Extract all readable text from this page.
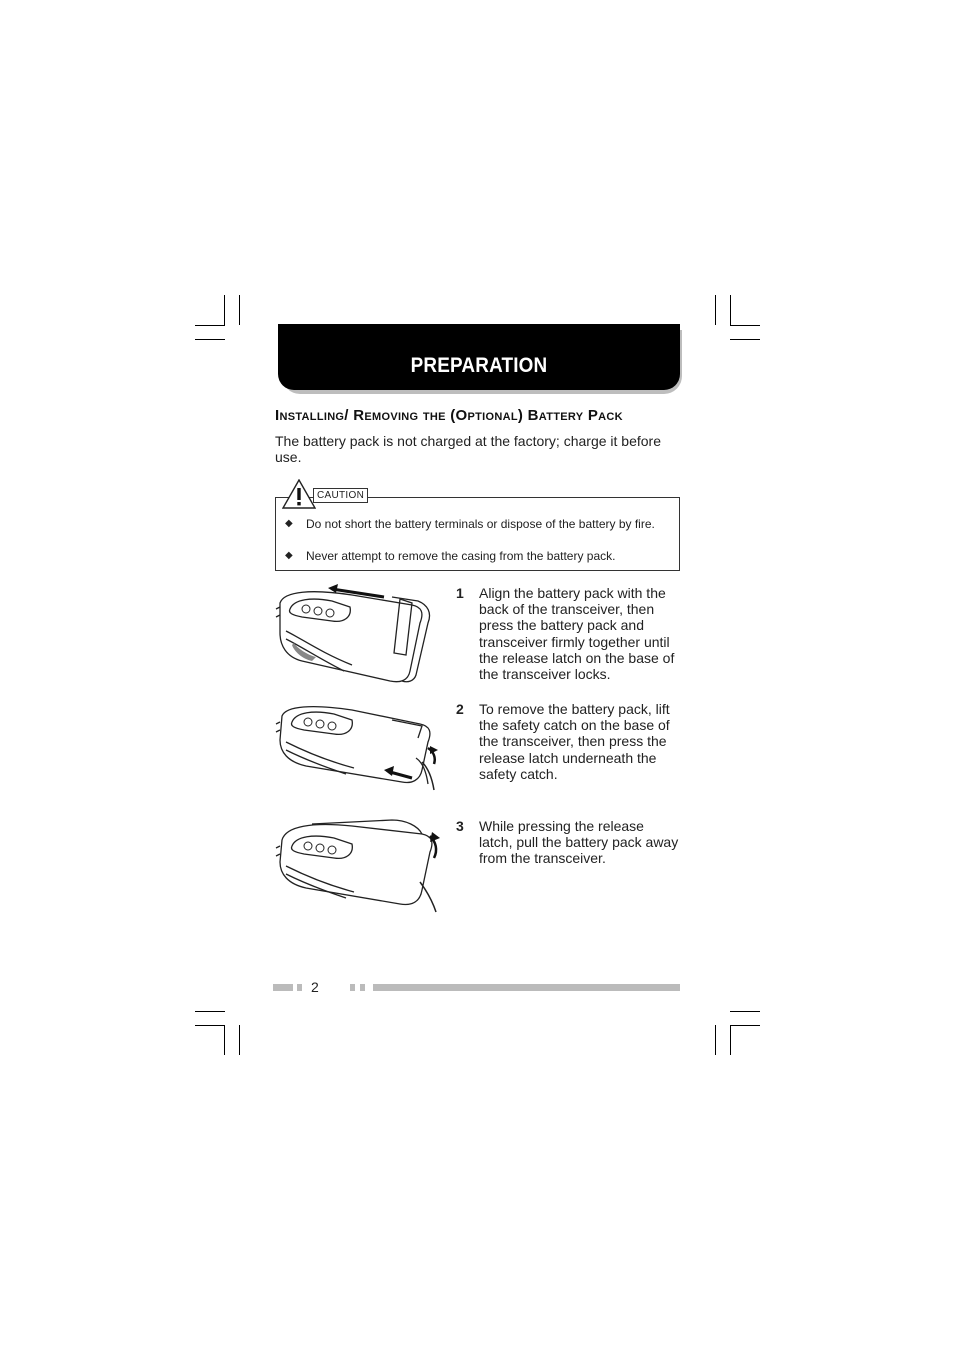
PREPARATION
Installing/ Removing the (Optional) Battery Pack
The battery pack is not charged at the factory; charge it before use.
CAUTION
◆ Do not short the battery terminals or dispose of the battery by fire.
◆ Never attempt to remove the casing from the battery pack.
1 Align the battery pack with the back of the transceiver, then press the battery pack and transceiver firmly together until the release latch on the base of the transceiver locks.
2 To remove the battery pack, lift the safety catch on the base of the transceiver, then press the release latch underneath the safety catch.
3 While pressing the release latch, pull the battery pack away from the transceiver.
2
